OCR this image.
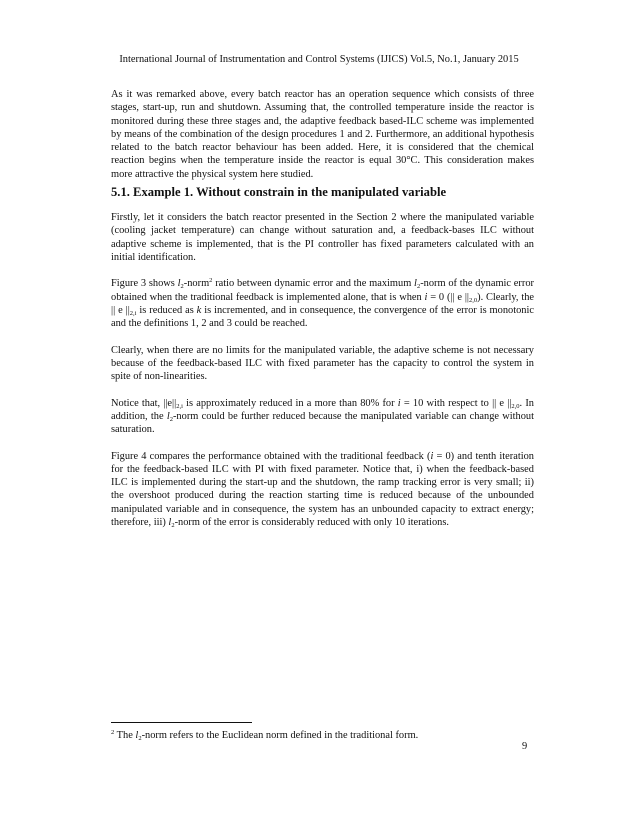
International Journal of Instrumentation and Control Systems (IJICS) Vol.5, No.1, January 2015

As it was remarked above, every batch reactor has an operation sequence which consists of three stages, start-up, run and shutdown. Assuming that, the controlled temperature inside the reactor is monitored during these three stages and, the adaptive feedback based-ILC scheme was implemented by means of the combination of the design procedures 1 and 2. Furthermore, an additional hypothesis related to the batch reactor behaviour has been added. Here, it is considered that the chemical reaction begins when the temperature inside the reactor is equal 30°C. This consideration makes more attractive the physical system here studied.

5.1. Example 1. Without constrain in the manipulated variable

Firstly, let it considers the batch reactor presented in the Section 2 where the manipulated variable (cooling jacket temperature) can change without saturation and, a feedback-bases ILC without adaptive scheme is implemented, that is the PI controller has fixed parameters calculated with an initial identification.

Figure 3 shows $l_2-norm^2$ ratio between dynamic error and the maximum $l_2$-norm of the dynamic error obtained when the traditional feedback is implemented alone, that is when i = 0 (|| e $||_{2,0}$). Clearly, the || e $||_{2,i}$ is reduced as k is incremented, and in consequence, the convergence of the error is monotonic and the definitions 1, 2 and 3 could be reached.

Clearly, when there are no limits for the manipulated variable, the adaptive scheme is not necessary because of the feedback-based ILC with fixed parameter has the capacity to control the system in spite of non-linearities.

Notice that, $||e||_{2,i}$ is approximately reduced in a more than 80% for i = 10 with respect to || e $||_{2,0}$. In addition, the $l_2$-norm could be further reduced because the manipulated variable can change without saturation.

Figure 4 compares the performance obtained with the traditional feedback (i = 0) and tenth iteration for the feedback-based ILC with PI with fixed parameter. Notice that, i) when the feedback-based ILC is implemented during the start-up and the shutdown, the ramp tracking error is very small; ii) the overshoot produced during the reaction starting time is reduced because of the unbounded manipulated variable and in consequence, the system has an unbounded capacity to extract energy; therefore, iii) $l_2$-norm of the error is considerably reduced with only 10 iterations.

$^2$ The $l_2$-norm refers to the Euclidean norm defined in the traditional form.
9
